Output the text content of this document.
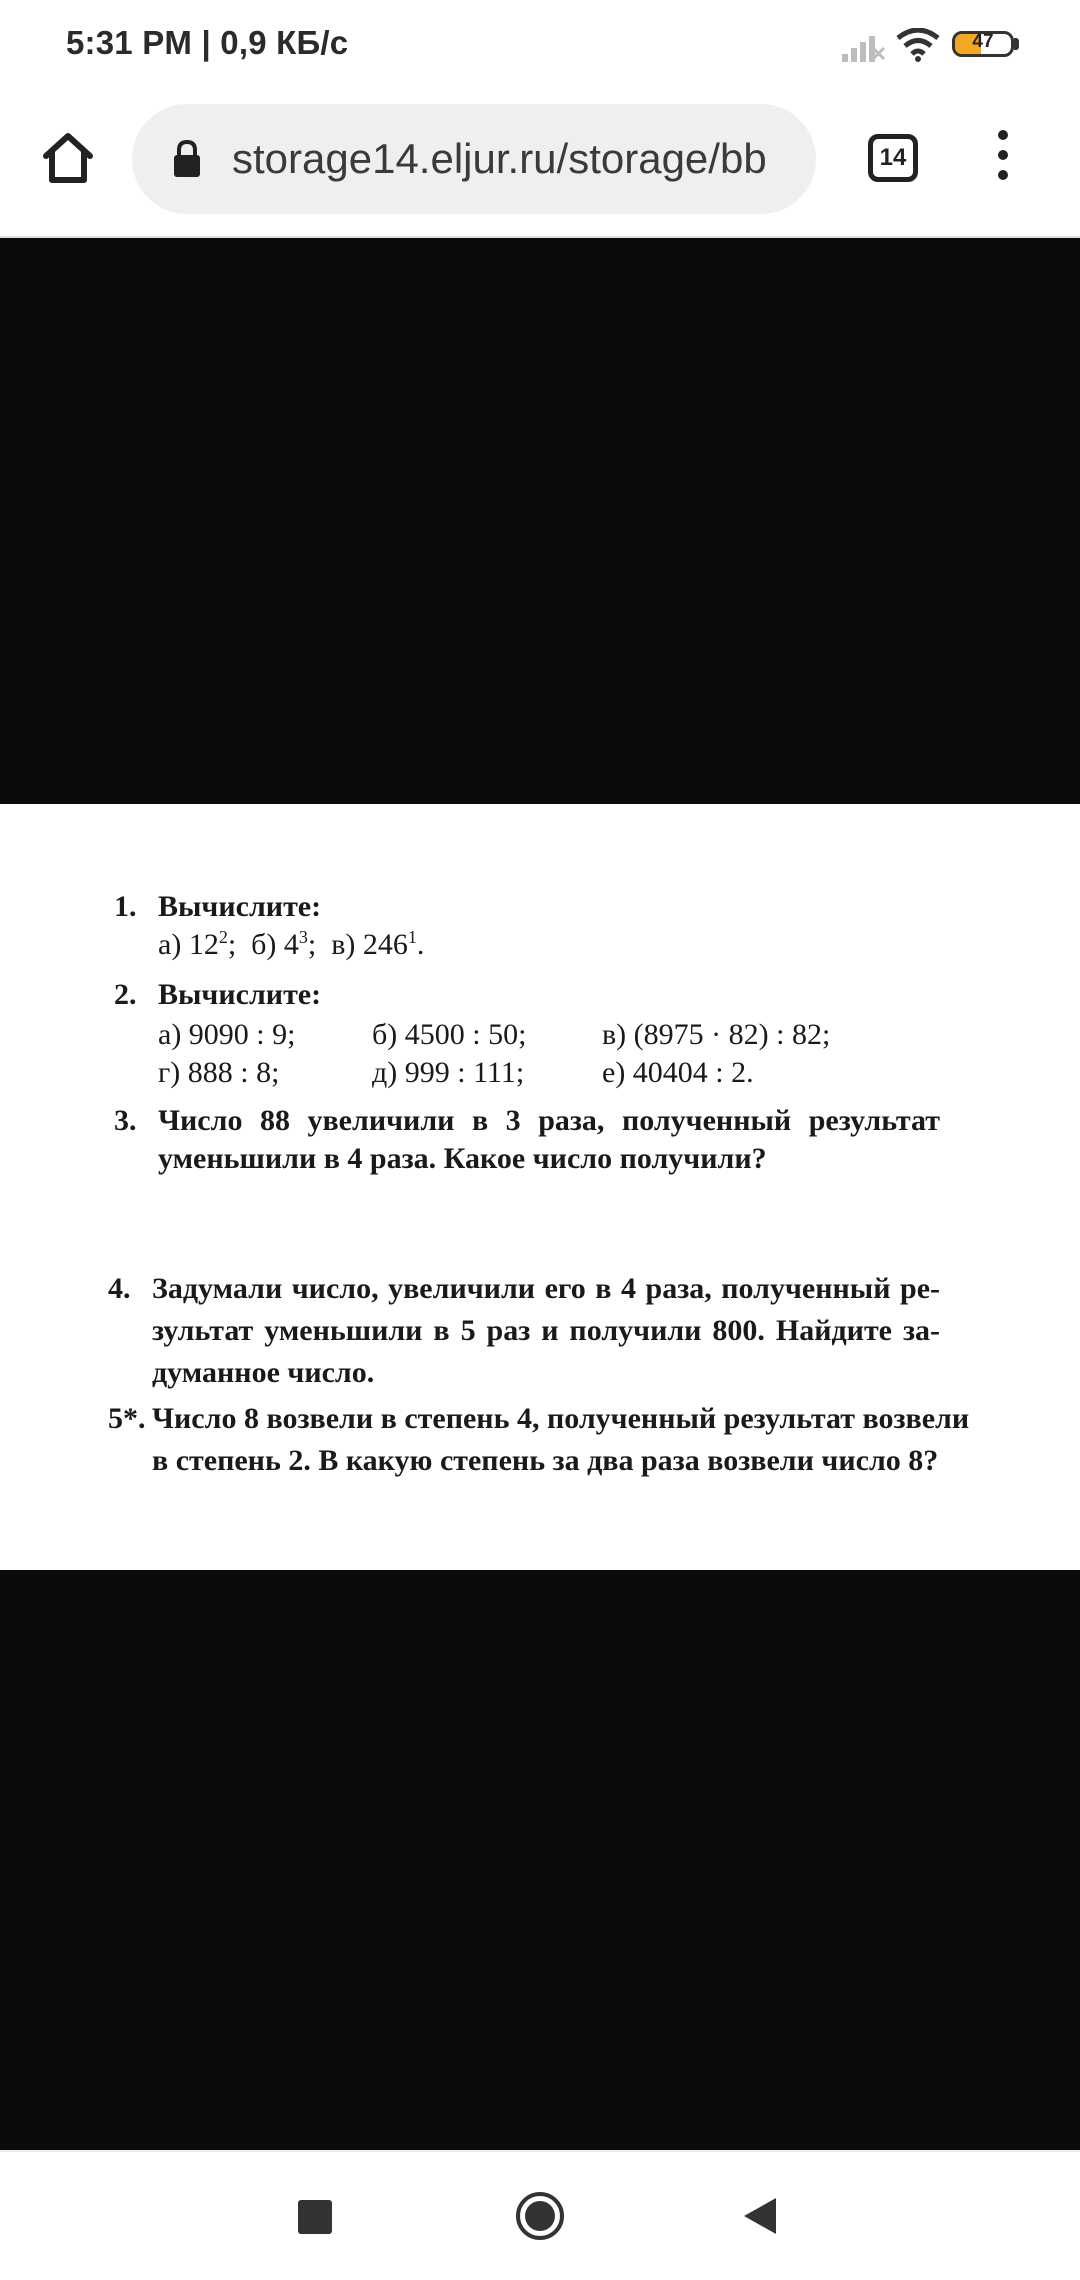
5:31 PM | 0,9 КБ/с	47
storage14.eljur.ru/storage/bb	14
1. Вычислите:
а) $12^2$;  б) $4^3$;  в) $246^1$.
2. Вычислите:
а) 9090 : 9;	б) 4500 : 50;	в) (8975 · 82) : 82;
г) 888 : 8;	д) 999 : 111;	е) 40404 : 2.
3. Число 88 увеличили в 3 раза, полученный результат
уменьшили в 4 раза. Какое число получили?
4. Задумали число, увеличили его в 4 раза, полученный ре-
зультат уменьшили в 5 раз и получили 800. Найдите за-
думанное число.
5*. Число 8 возвели в степень 4, полученный результат возвели
в степень 2. В какую степень за два раза возвели число 8?
